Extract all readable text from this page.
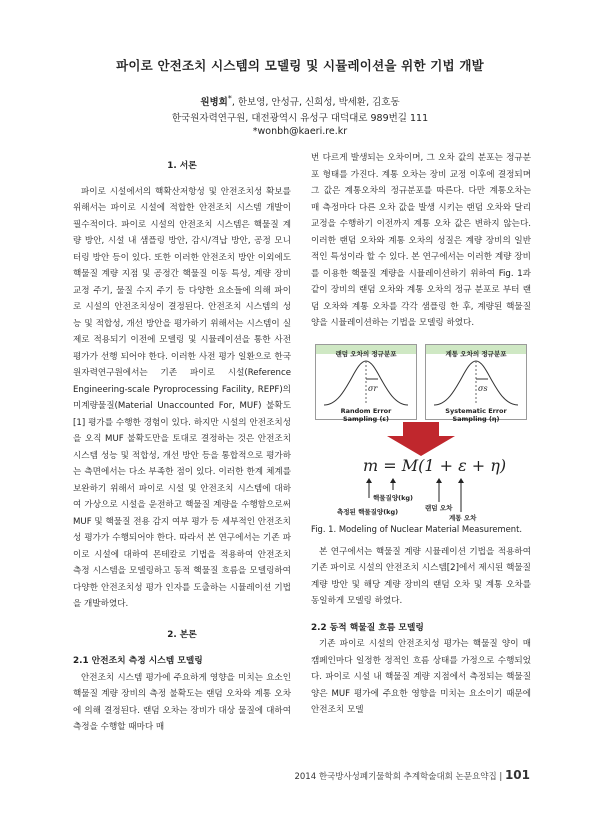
파이로 안전조치 시스템의 모델링 및 시뮬레이션을 위한 기법 개발
원병희*, 한보영, 안성규, 신희성, 박세환, 김호동
한국원자력연구원, 대전광역시 유성구 대덕대로 989번길 111
*wonbh@kaeri.re.kr
1. 서론

파이로 시설에서의 핵확산저항성 및 안전조치성 확보를 위해서는 파이로 시설에 적합한 안전조치 시스템 개발이 필수적이다. 파이로 시설의 안전조치 시스템은 핵물질 계량 방안, 시설 내 샘플링 방안, 감시/격납 방안, 공정 모니터링 방안 등이 있다. 또한 이러한 안전조치 방안 이외에도 핵물질 계량 지점 및 공정간 핵물질 이동 특성, 계량 장비 교정 주기, 물질 수지 주기 등 다양한 요소들에 의해 파이로 시설의 안전조치성이 결정된다. 안전조치 시스템의 성능 및 적합성, 개선 방안을 평가하기 위해서는 시스템이 실제로 적용되기 이전에 모델링 및 시뮬레이션을 통한 사전 평가가 선행 되어야 한다. 이러한 사전 평가 일환으로 한국원자력연구원에서는 기존 파이로 시설(Reference Engineering-scale Pyroprocessing Facility, REPF)의 미계량물질(Material Unaccounted For, MUF) 불확도[1] 평가를 수행한 경험이 있다. 하지만 시설의 안전조치성을 오직 MUF 불확도만을 토대로 결정하는 것은 안전조치 시스템 성능 및 적합성, 개선 방안 등을 통합적으로 평가하는 측면에서는 다소 부족한 점이 있다. 이러한 한계 체계를 보완하기 위해서 파이로 시설 및 안전조치 시스템에 대하여 가상으로 시설을 운전하고 핵물질 계량을 수행함으로써 MUF 및 핵물질 전용 감지 여부 평가 등 세부적인 안전조치성 평가가 수행되어야 한다. 따라서 본 연구에서는 기존 파이로 시설에 대하여 몬테칼로 기법을 적용하여 안전조치 측정 시스템을 모델링하고 동적 핵물질 흐름을 모델링하여 다양한 안전조치성 평가 인자를 도출하는 시뮬레이션 기법을 개발하였다.

2. 본론
2.1 안전조치 측정 시스템 모델링

안전조치 시스템 평가에 주요하게 영향을 미치는 요소인 핵물질 계량 장비의 측정 불확도는 랜덤 오차와 계통 오차에 의해 결정된다. 랜덤 오차는 장비가 대상 물질에 대하여 측정을 수행할 때마다 매

번 다르게 발생되는 오차이며, 그 오차 값의 분포는 정규분포 형태를 가진다. 계통 오차는 장비 교정 이후에 결정되며 그 값은 계통오차의 정규분포를 따른다. 다만 계통오차는 매 측정마다 다른 오차 값을 발생 시키는 랜덤 오차와 달리 교정을 수행하기 이전까지 계통 오차 값은 변하지 않는다. 이러한 랜덤 오차와 계통 오차의 성질은 계량 장비의 일반적인 특성이라 할 수 있다. 본 연구에서는 이러한 계량 장비를 이용한 핵물질 계량을 시뮬레이션하기 위하여 Fig. 1과 같이 장비의 랜덤 오차와 계통 오차의 정규 분포로 부터 랜덤 오차와 계통 오차를 각각 샘플링 한 후, 계량된 핵물질 양을 시뮬레이션하는 기법을 모델링 하였다.

랜덤 오차의 정규분포
σr
Random Error
Sampling (ε)
계통 오차의 정규분포
σs
Systematic Error
Sampling (η)
m = M(1 + ε + η)
핵물질양(kg)
측정된 핵물질양(kg)	랜덤 오차
계통 오차
Fig. 1. Modeling of Nuclear Material Measurement.

본 연구에서는 핵물질 계량 시뮬레이션 기법을 적용하여 기존 파이로 시설의 안전조치 시스템[2]에서 제시된 핵물질 계량 방안 및 해당 계량 장비의 랜덤 오차 및 계통 오차를 동일하게 모델링 하였다.

2.2 동적 핵물질 흐름 모델링

기존 파이로 시설의 안전조치성 평가는 핵물질 양이 매 캠페인마다 일정한 정적인 흐름 상태를 가정으로 수행되었다. 파이로 시설 내 핵물질 계량 지점에서 측정되는 핵물질 양은 MUF 평가에 주요한 영향을 미치는 요소이기 때문에 안전조치 모델

2014 한국방사성폐기물학회 추계학술대회 논문요약집 | 101
